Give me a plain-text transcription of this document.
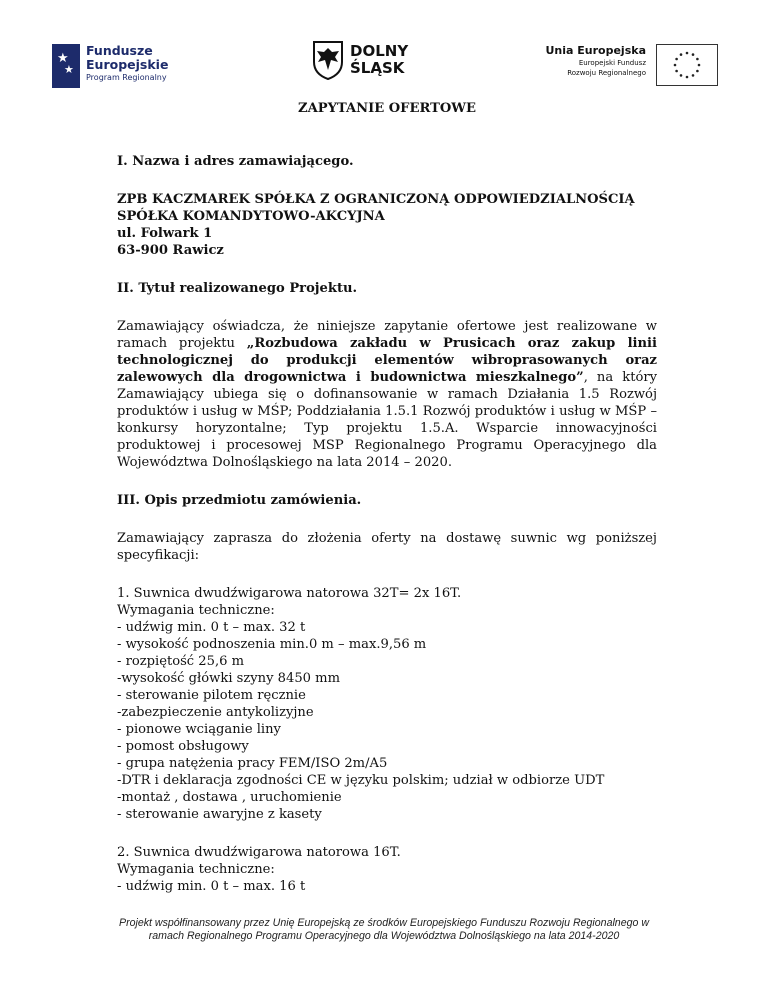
★
★
Fundusze
Europejskie
Program Regionalny
DOLNY
ŚLĄSK
Unia Europejska
Europejski Fundusz
Rozwoju Regionalnego

ZAPYTANIE OFERTOWE

I. Nazwa i adres zamawiającego.

ZPB KACZMAREK SPÓŁKA Z OGRANICZONĄ ODPOWIEDZIALNOŚCIĄ

SPÓŁKA KOMANDYTOWO-AKCYJNA

ul. Folwark 1

63-900 Rawicz

II. Tytuł realizowanego Projektu.

Zamawiający oświadcza, że niniejsze zapytanie ofertowe jest realizowane w ramach projektu „Rozbudowa zakładu w Prusicach oraz zakup linii technologicznej do produkcji elementów wibroprasowanych oraz zalewowych dla drogownictwa i budownictwa mieszkalnego”, na który Zamawiający ubiega się o dofinansowanie w ramach Działania 1.5 Rozwój produktów i usług w MŚP; Poddziałania 1.5.1 Rozwój produktów i usług w MŚP – konkursy horyzontalne; Typ projektu 1.5.A. Wsparcie innowacyjności produktowej i procesowej MSP Regionalnego Programu Operacyjnego dla Województwa Dolnośląskiego na lata 2014 – 2020.

III. Opis przedmiotu zamówienia.

Zamawiający zaprasza do złożenia oferty na dostawę suwnic wg poniższej specyfikacji:

1. Suwnica dwudźwigarowa natorowa 32T= 2x 16T.

Wymagania techniczne:

- udźwig min. 0 t – max. 32 t

- wysokość podnoszenia min.0 m – max.9,56 m

- rozpiętość 25,6 m

-wysokość główki szyny 8450 mm

- sterowanie pilotem ręcznie

-zabezpieczenie antykolizyjne

- pionowe wciąganie liny

- pomost obsługowy

- grupa natężenia pracy FEM/ISO 2m/A5

-DTR i deklaracja zgodności CE w języku polskim; udział w odbiorze UDT

-montaż , dostawa , uruchomienie

- sterowanie awaryjne z kasety

2. Suwnica dwudźwigarowa natorowa 16T.

Wymagania techniczne:

- udźwig min. 0 t – max. 16 t

Projekt współfinansowany przez Unię Europejską ze środków Europejskiego Funduszu Rozwoju Regionalnego w ramach Regionalnego Programu Operacyjnego dla Województwa Dolnośląskiego na lata 2014-2020
